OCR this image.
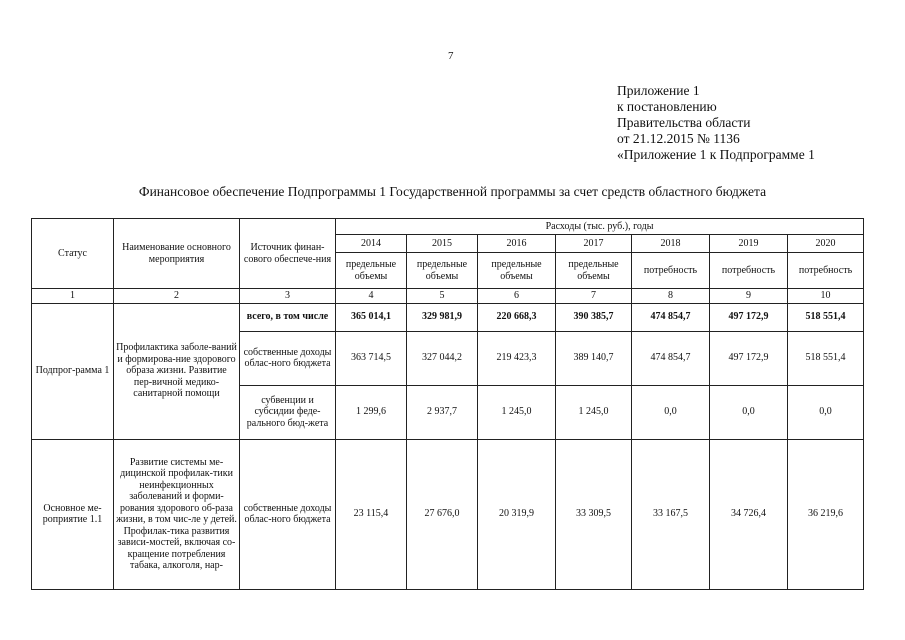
7
Приложение 1
к постановлению
Правительства области
от 21.12.2015 № 1136
«Приложение 1 к Подпрограмме 1
Финансовое обеспечение Подпрограммы 1 Государственной программы за счет средств областного бюджета
Статус	Наименование основного мероприятия	Источник финан-сового обеспече-ния	Расходы (тыс. руб.), годы						
			2014	2015	2016	2017	2018	2019	2020
			предельные объемы	предельные объемы	предельные объемы	предельные объемы	потребность	потребность	потребность
1	2	3	4	5	6	7	8	9	10
Подпрог-рамма 1	Профилактика заболе-ваний и формирова-ние здорового образа жизни. Развитие пер-вичной медико-санитарной помощи	всего, в том числе	365 014,1	329 981,9	220 668,3	390 385,7	474 854,7	497 172,9	518 551,4
		собственные доходы облас-ного бюджета	363 714,5	327 044,2	219 423,3	389 140,7	474 854,7	497 172,9	518 551,4
		субвенции и субсидии феде-рального бюд-жета	1 299,6	2 937,7	1 245,0	1 245,0	0,0	0,0	0,0
Основное ме-роприятие 1.1	Развитие системы ме-дицинской профилак-тики неинфекционных заболеваний и форми-рования здорового об-раза жизни, в том чис-ле у детей. Профилак-тика развития зависи-мостей, включая со-кращение потребления табака, алкоголя, нар-	собственные доходы облас-ного бюджета	23 115,4	27 676,0	20 319,9	33 309,5	33 167,5	34 726,4	36 219,6
